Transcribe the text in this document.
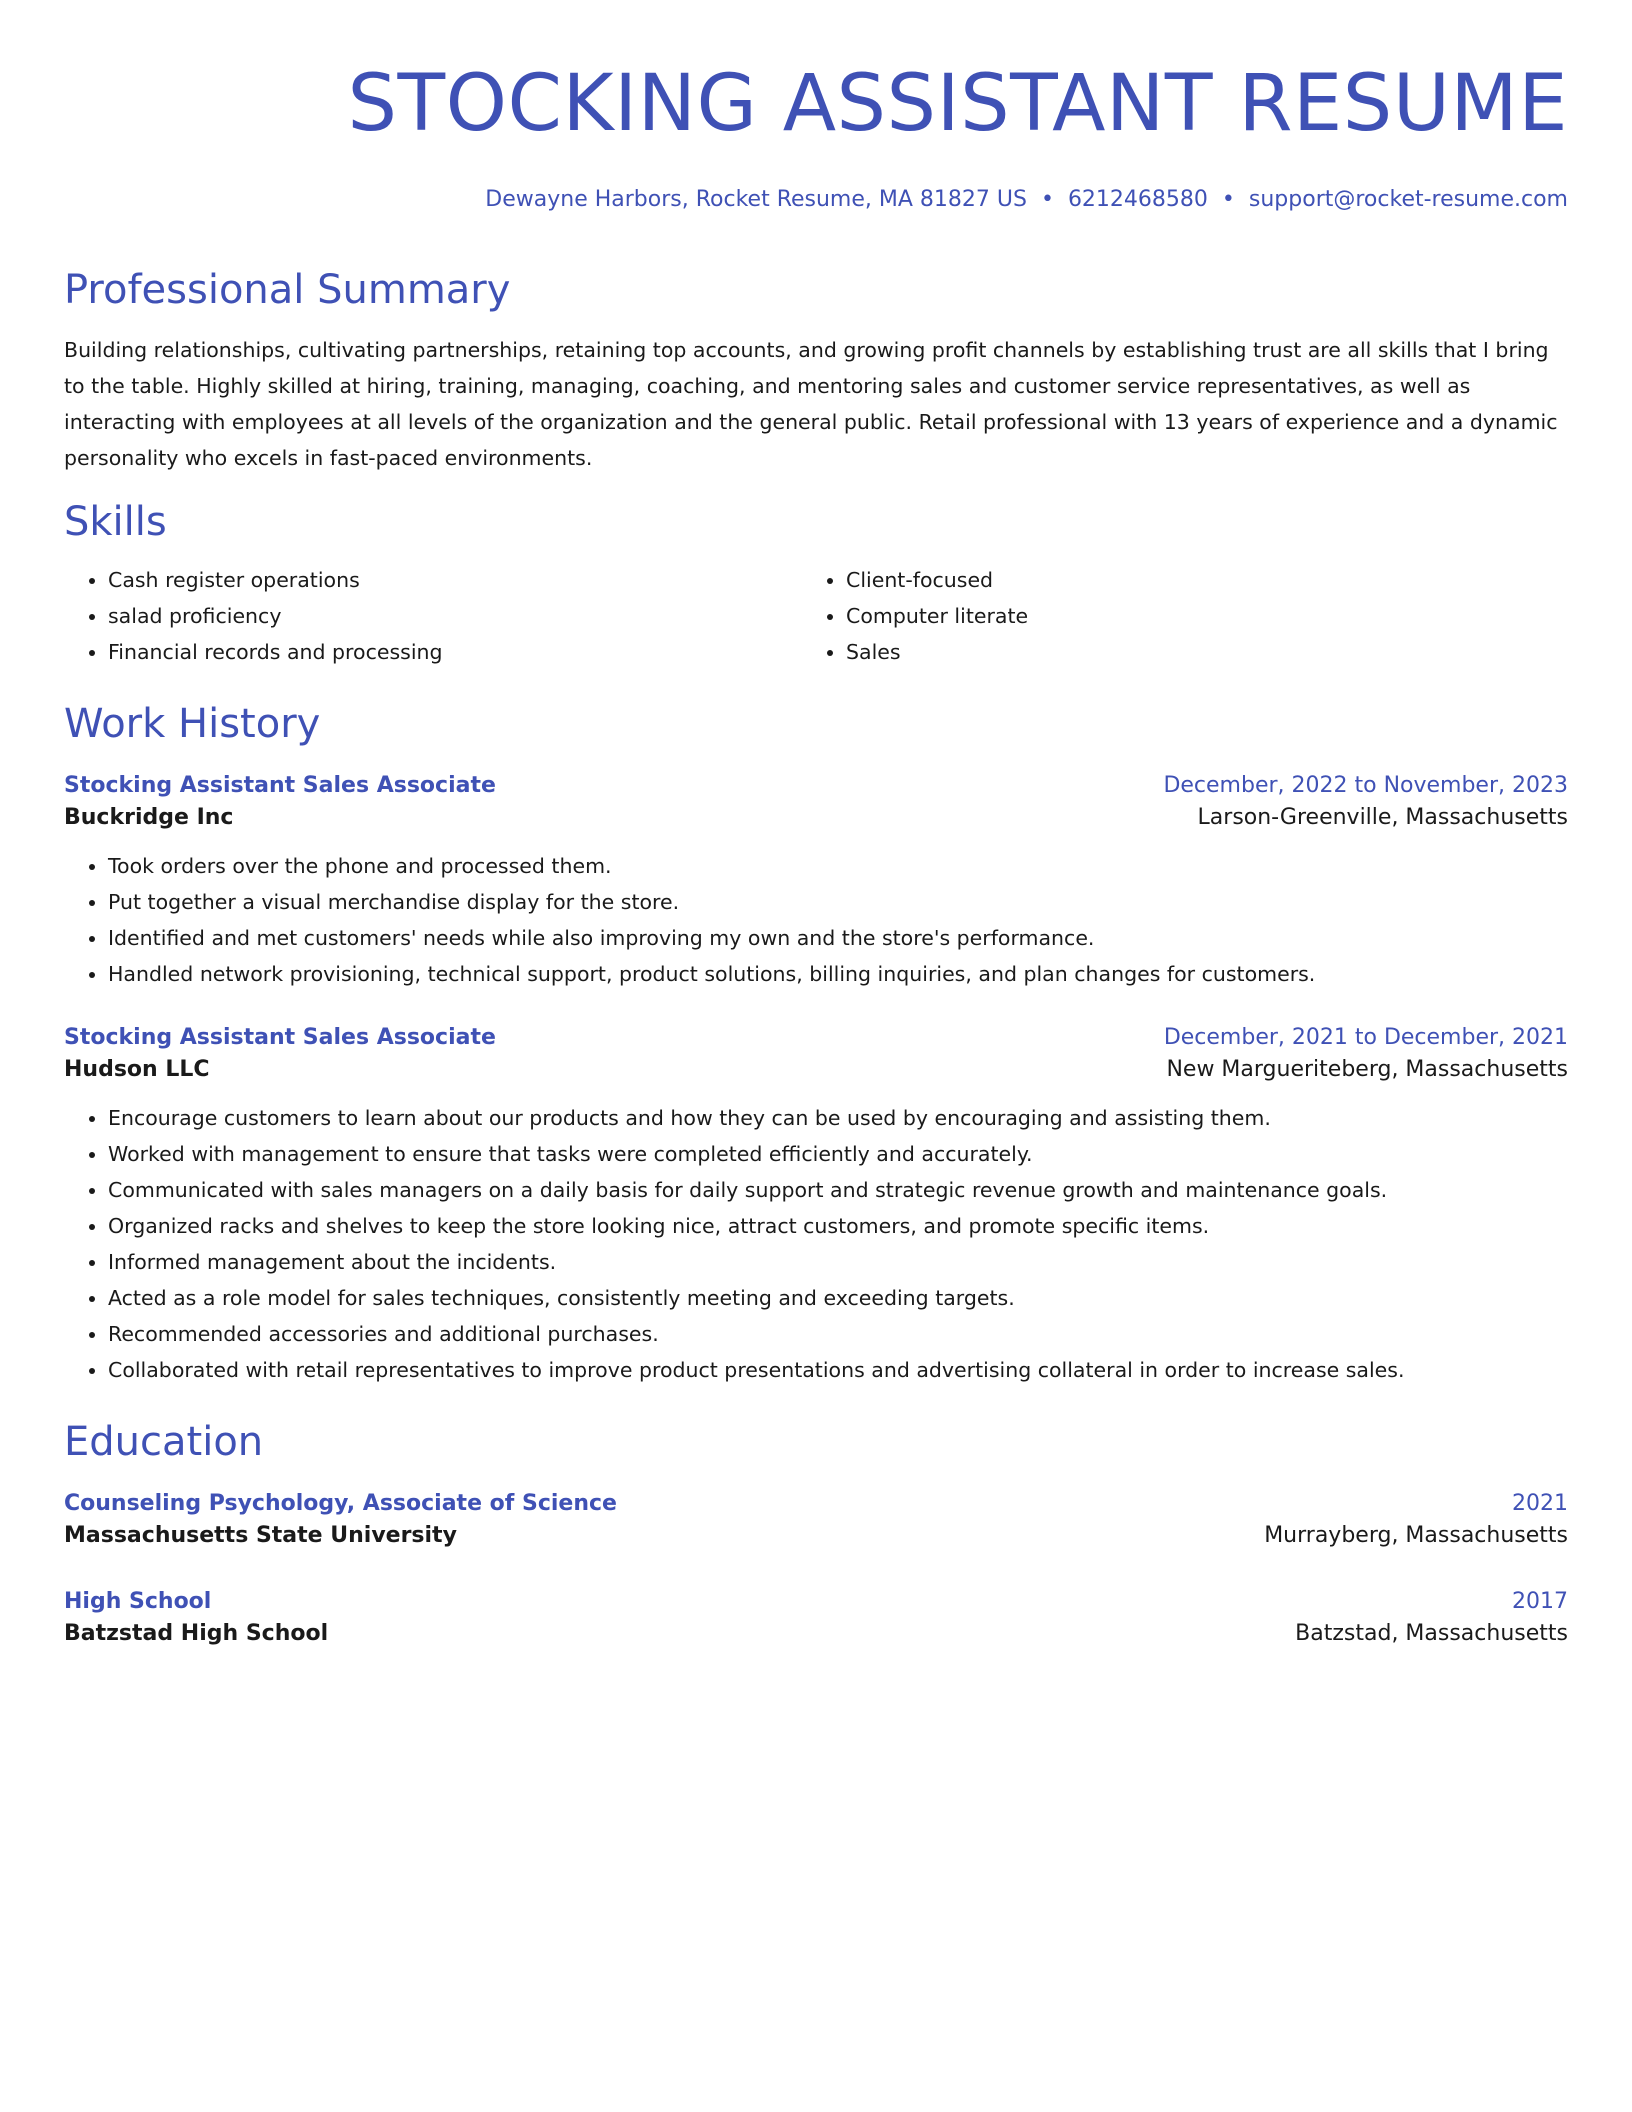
STOCKING ASSISTANT RESUME
Dewayne Harbors, Rocket Resume, MA 81827 US • 6212468580 • support@rocket-resume.com
Professional Summary
Building relationships, cultivating partnerships, retaining top accounts, and growing profit channels by establishing trust are all skills that I bring to the table. Highly skilled at hiring, training, managing, coaching, and mentoring sales and customer service representatives, as well as interacting with employees at all levels of the organization and the general public. Retail professional with 13 years of experience and a dynamic personality who excels in fast-paced environments.
Skills
• Cash register operations
• salad proficiency
• Financial records and processing
• Client-focused
• Computer literate
• Sales
Work History
Stocking Assistant Sales Associate	December, 2022 to November, 2023
Buckridge Inc	Larson-Greenville, Massachusetts
• Took orders over the phone and processed them.
• Put together a visual merchandise display for the store.
• Identified and met customers' needs while also improving my own and the store's performance.
• Handled network provisioning, technical support, product solutions, billing inquiries, and plan changes for customers.
Stocking Assistant Sales Associate	December, 2021 to December, 2021
Hudson LLC	New Margueriteberg, Massachusetts
• Encourage customers to learn about our products and how they can be used by encouraging and assisting them.
• Worked with management to ensure that tasks were completed efficiently and accurately.
• Communicated with sales managers on a daily basis for daily support and strategic revenue growth and maintenance goals.
• Organized racks and shelves to keep the store looking nice, attract customers, and promote specific items.
• Informed management about the incidents.
• Acted as a role model for sales techniques, consistently meeting and exceeding targets.
• Recommended accessories and additional purchases.
• Collaborated with retail representatives to improve product presentations and advertising collateral in order to increase sales.
Education
Counseling Psychology, Associate of Science	2021
Massachusetts State University	Murrayberg, Massachusetts
High School	2017
Batzstad High School	Batzstad, Massachusetts
